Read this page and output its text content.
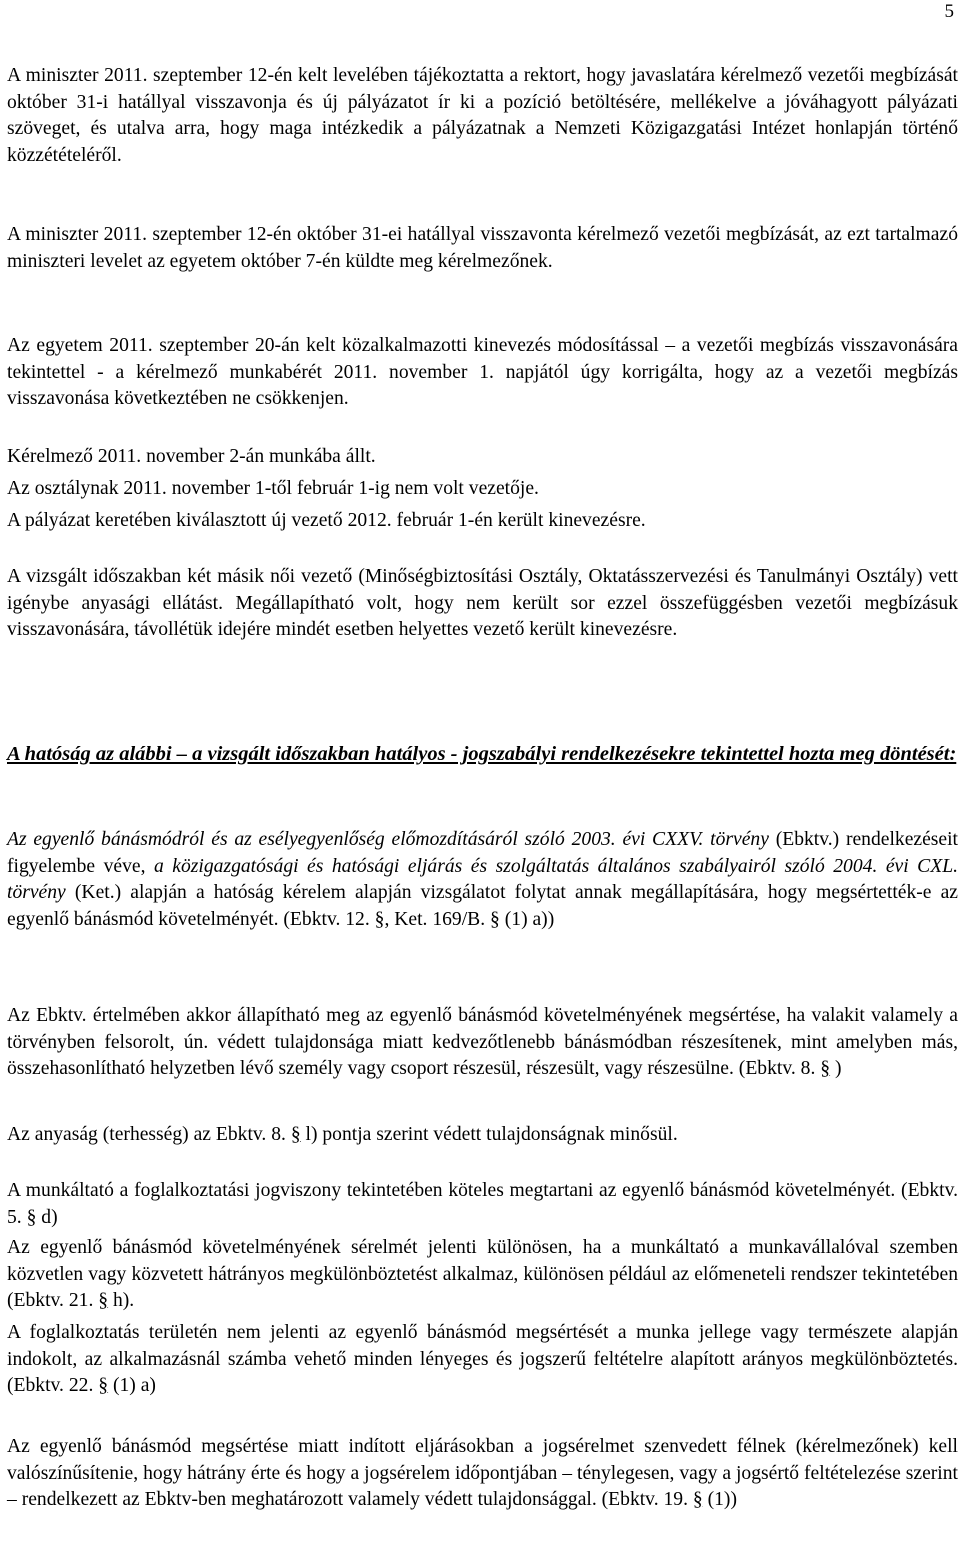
5

A miniszter 2011. szeptember 12-én kelt levelében tájékoztatta a rektort, hogy javaslatára kérelmező vezetői megbízását október 31-i hatállyal visszavonja és új pályázatot ír ki a pozíció betöltésére, mellékelve a jóváhagyott pályázati szöveget, és utalva arra, hogy maga intézkedik a pályázatnak a Nemzeti Közigazgatási Intézet honlapján történő közzétételéről.

A miniszter 2011. szeptember 12-én október 31-ei hatállyal visszavonta kérelmező vezetői megbízását, az ezt tartalmazó miniszteri levelet az egyetem október 7-én küldte meg kérelmezőnek.

Az egyetem 2011. szeptember 20-án kelt közalkalmazotti kinevezés módosítással – a vezetői megbízás visszavonására tekintettel - a kérelmező munkabérét 2011. november 1. napjától úgy korrigálta, hogy az a vezetői megbízás visszavonása következtében ne csökkenjen.

Kérelmező 2011. november 2-án munkába állt.

Az osztálynak 2011. november 1-től február 1-ig nem volt vezetője.

A pályázat keretében kiválasztott új vezető 2012. február 1-én került kinevezésre.

A vizsgált időszakban két másik női vezető (Minőségbiztosítási Osztály, Oktatásszervezési és Tanulmányi Osztály) vett igénybe anyasági ellátást. Megállapítható volt, hogy nem került sor ezzel összefüggésben vezetői megbízásuk visszavonására, távollétük idejére mindét esetben helyettes vezető került kinevezésre.

A hatóság az alábbi – a vizsgált időszakban hatályos - jogszabályi rendelkezésekre tekintettel hozta meg döntését:

Az egyenlő bánásmódról és az esélyegyenlőség előmozdításáról szóló 2003. évi CXXV. törvény (Ebktv.) rendelkezéseit figyelembe véve, a közigazgatósági és hatósági eljárás és szolgáltatás általános szabályairól szóló 2004. évi CXL. törvény (Ket.) alapján a hatóság kérelem alapján vizsgálatot folytat annak megállapítására, hogy megsértették-e az egyenlő bánásmód követelményét. (Ebktv. 12. §, Ket. 169/B. § (1) a))

Az Ebktv. értelmében akkor állapítható meg az egyenlő bánásmód követelményének megsértése, ha valakit valamely a törvényben felsorolt, ún. védett tulajdonsága miatt kedvezőtlenebb bánásmódban részesítenek, mint amelyben más, összehasonlítható helyzetben lévő személy vagy csoport részesül, részesült, vagy részesülne. (Ebktv. 8. § )

Az anyaság (terhesség) az Ebktv. 8. § l) pontja szerint védett tulajdonságnak minősül.

A munkáltató a foglalkoztatási jogviszony tekintetében köteles megtartani az egyenlő bánásmód követelményét. (Ebktv. 5. § d)

Az egyenlő bánásmód követelményének sérelmét jelenti különösen, ha a munkáltató a munkavállalóval szemben közvetlen vagy közvetett hátrányos megkülönböztetést alkalmaz, különösen például az előmeneteli rendszer tekintetében (Ebktv. 21. § h).

A foglalkoztatás területén nem jelenti az egyenlő bánásmód megsértését a munka jellege vagy természete alapján indokolt, az alkalmazásnál számba vehető minden lényeges és jogszerű feltételre alapított arányos megkülönböztetés. (Ebktv. 22. § (1) a)

Az egyenlő bánásmód megsértése miatt indított eljárásokban a jogsérelmet szenvedett félnek (kérelmezőnek) kell valószínűsítenie, hogy hátrány érte és hogy a jogsérelem időpontjában – ténylegesen, vagy a jogsértő feltételezése szerint – rendelkezett az Ebktv-ben meghatározott valamely védett tulajdonsággal. (Ebktv. 19. § (1))
